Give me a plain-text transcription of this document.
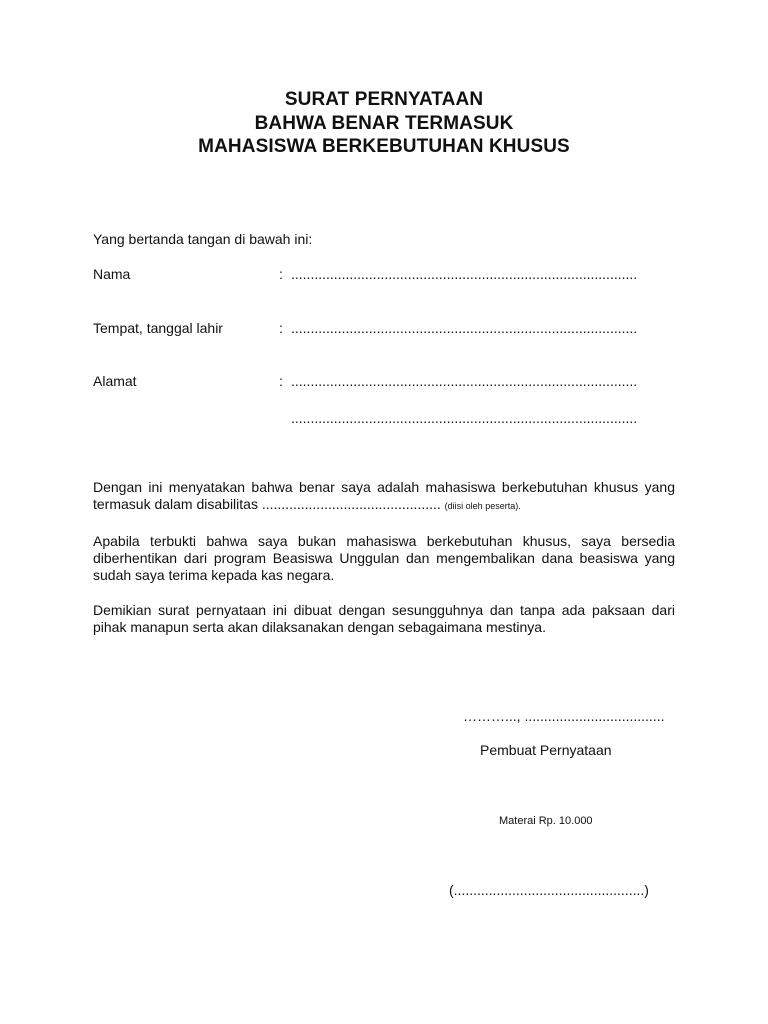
SURAT PERNYATAAN
BAHWA BENAR TERMASUK
MAHASISWA BERKEBUTUHAN KHUSUS
Yang bertanda tangan di bawah ini:
Nama	: .........................................................................................
Tempat, tanggal lahir	: .........................................................................................
Alamat	: .........................................................................................
.........................................................................................
Dengan ini menyatakan bahwa benar saya adalah mahasiswa berkebutuhan khusus yang termasuk dalam disabilitas .............................................. (diisi oleh peserta).
Apabila terbukti bahwa saya bukan mahasiswa berkebutuhan khusus, saya bersedia diberhentikan dari program Beasiswa Unggulan dan mengembalikan dana beasiswa yang sudah saya terima kepada kas negara.
Demikian surat pernyataan ini dibuat dengan sesungguhnya dan tanpa ada paksaan dari pihak manapun serta akan dilaksanakan dengan sebagaimana mestinya.
………..., ....................................
Pembuat Pernyataan
Materai Rp. 10.000
(.................................................)
